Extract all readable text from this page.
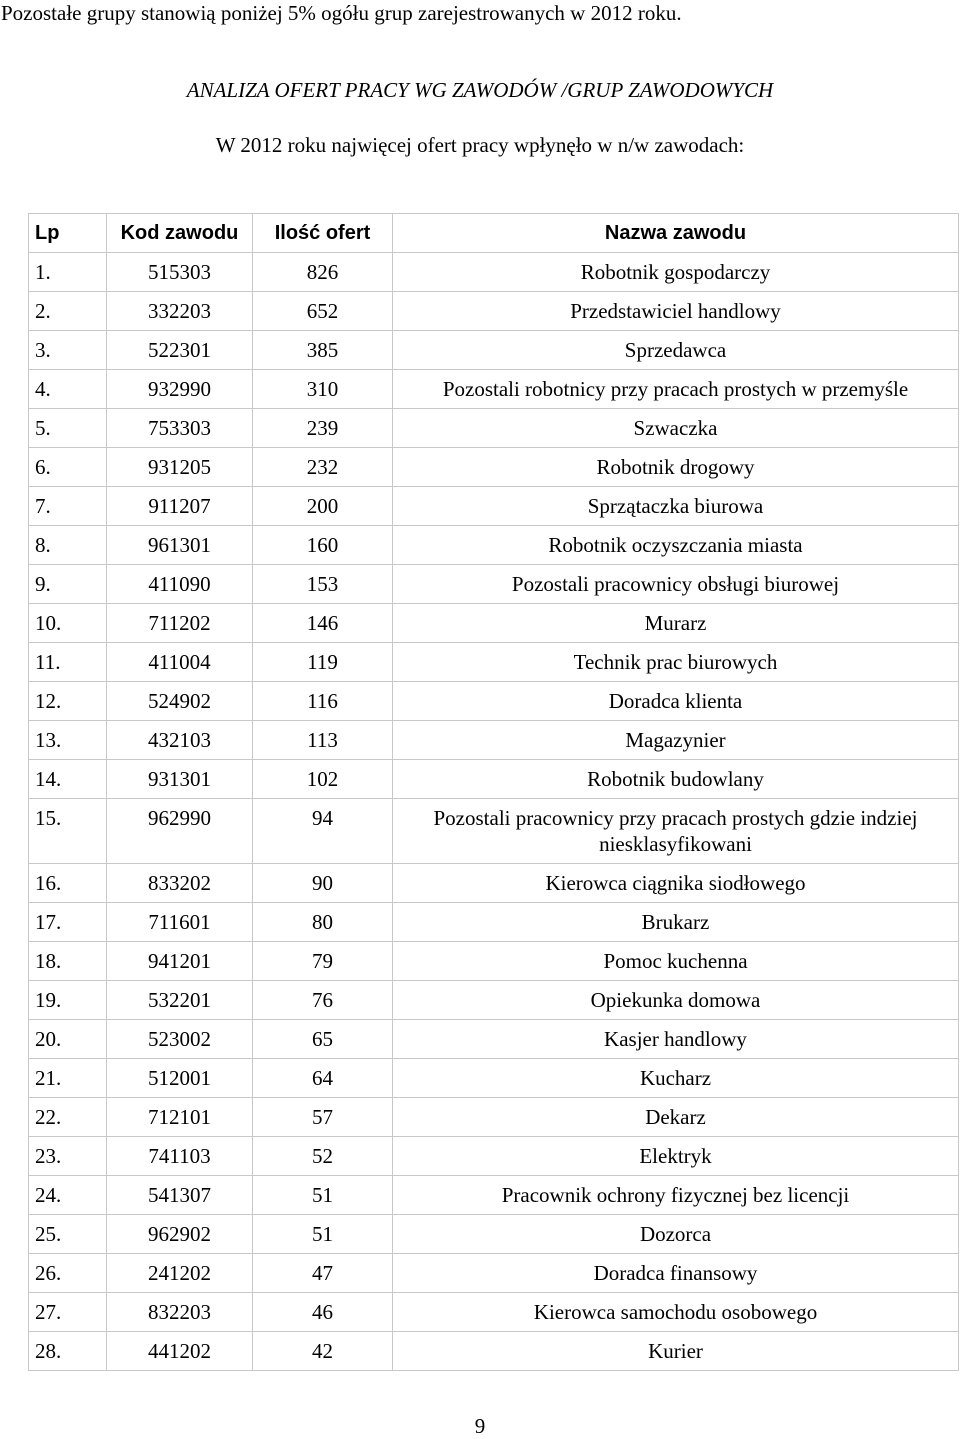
Pozostałe grupy stanowią poniżej 5% ogółu grup zarejestrowanych w 2012 roku.
ANALIZA OFERT PRACY WG ZAWODÓW /GRUP ZAWODOWYCH
W 2012 roku najwięcej ofert pracy wpłynęło w n/w zawodach:
Lp	Kod zawodu	Ilość ofert	Nazwa zawodu
1.	515303	826	Robotnik gospodarczy
2.	332203	652	Przedstawiciel handlowy
3.	522301	385	Sprzedawca
4.	932990	310	Pozostali robotnicy przy pracach prostych w przemyśle
5.	753303	239	Szwaczka
6.	931205	232	Robotnik drogowy
7.	911207	200	Sprzątaczka biurowa
8.	961301	160	Robotnik oczyszczania miasta
9.	411090	153	Pozostali pracownicy obsługi biurowej
10.	711202	146	Murarz
11.	411004	119	Technik prac biurowych
12.	524902	116	Doradca klienta
13.	432103	113	Magazynier
14.	931301	102	Robotnik budowlany
15.	962990	94	Pozostali pracownicy przy pracach prostych gdzie indziej niesklasyfikowani
16.	833202	90	Kierowca ciągnika siodłowego
17.	711601	80	Brukarz
18.	941201	79	Pomoc kuchenna
19.	532201	76	Opiekunka domowa
20.	523002	65	Kasjer handlowy
21.	512001	64	Kucharz
22.	712101	57	Dekarz
23.	741103	52	Elektryk
24.	541307	51	Pracownik ochrony fizycznej bez licencji
25.	962902	51	Dozorca
26.	241202	47	Doradca finansowy
27.	832203	46	Kierowca samochodu osobowego
28.	441202	42	Kurier
9
